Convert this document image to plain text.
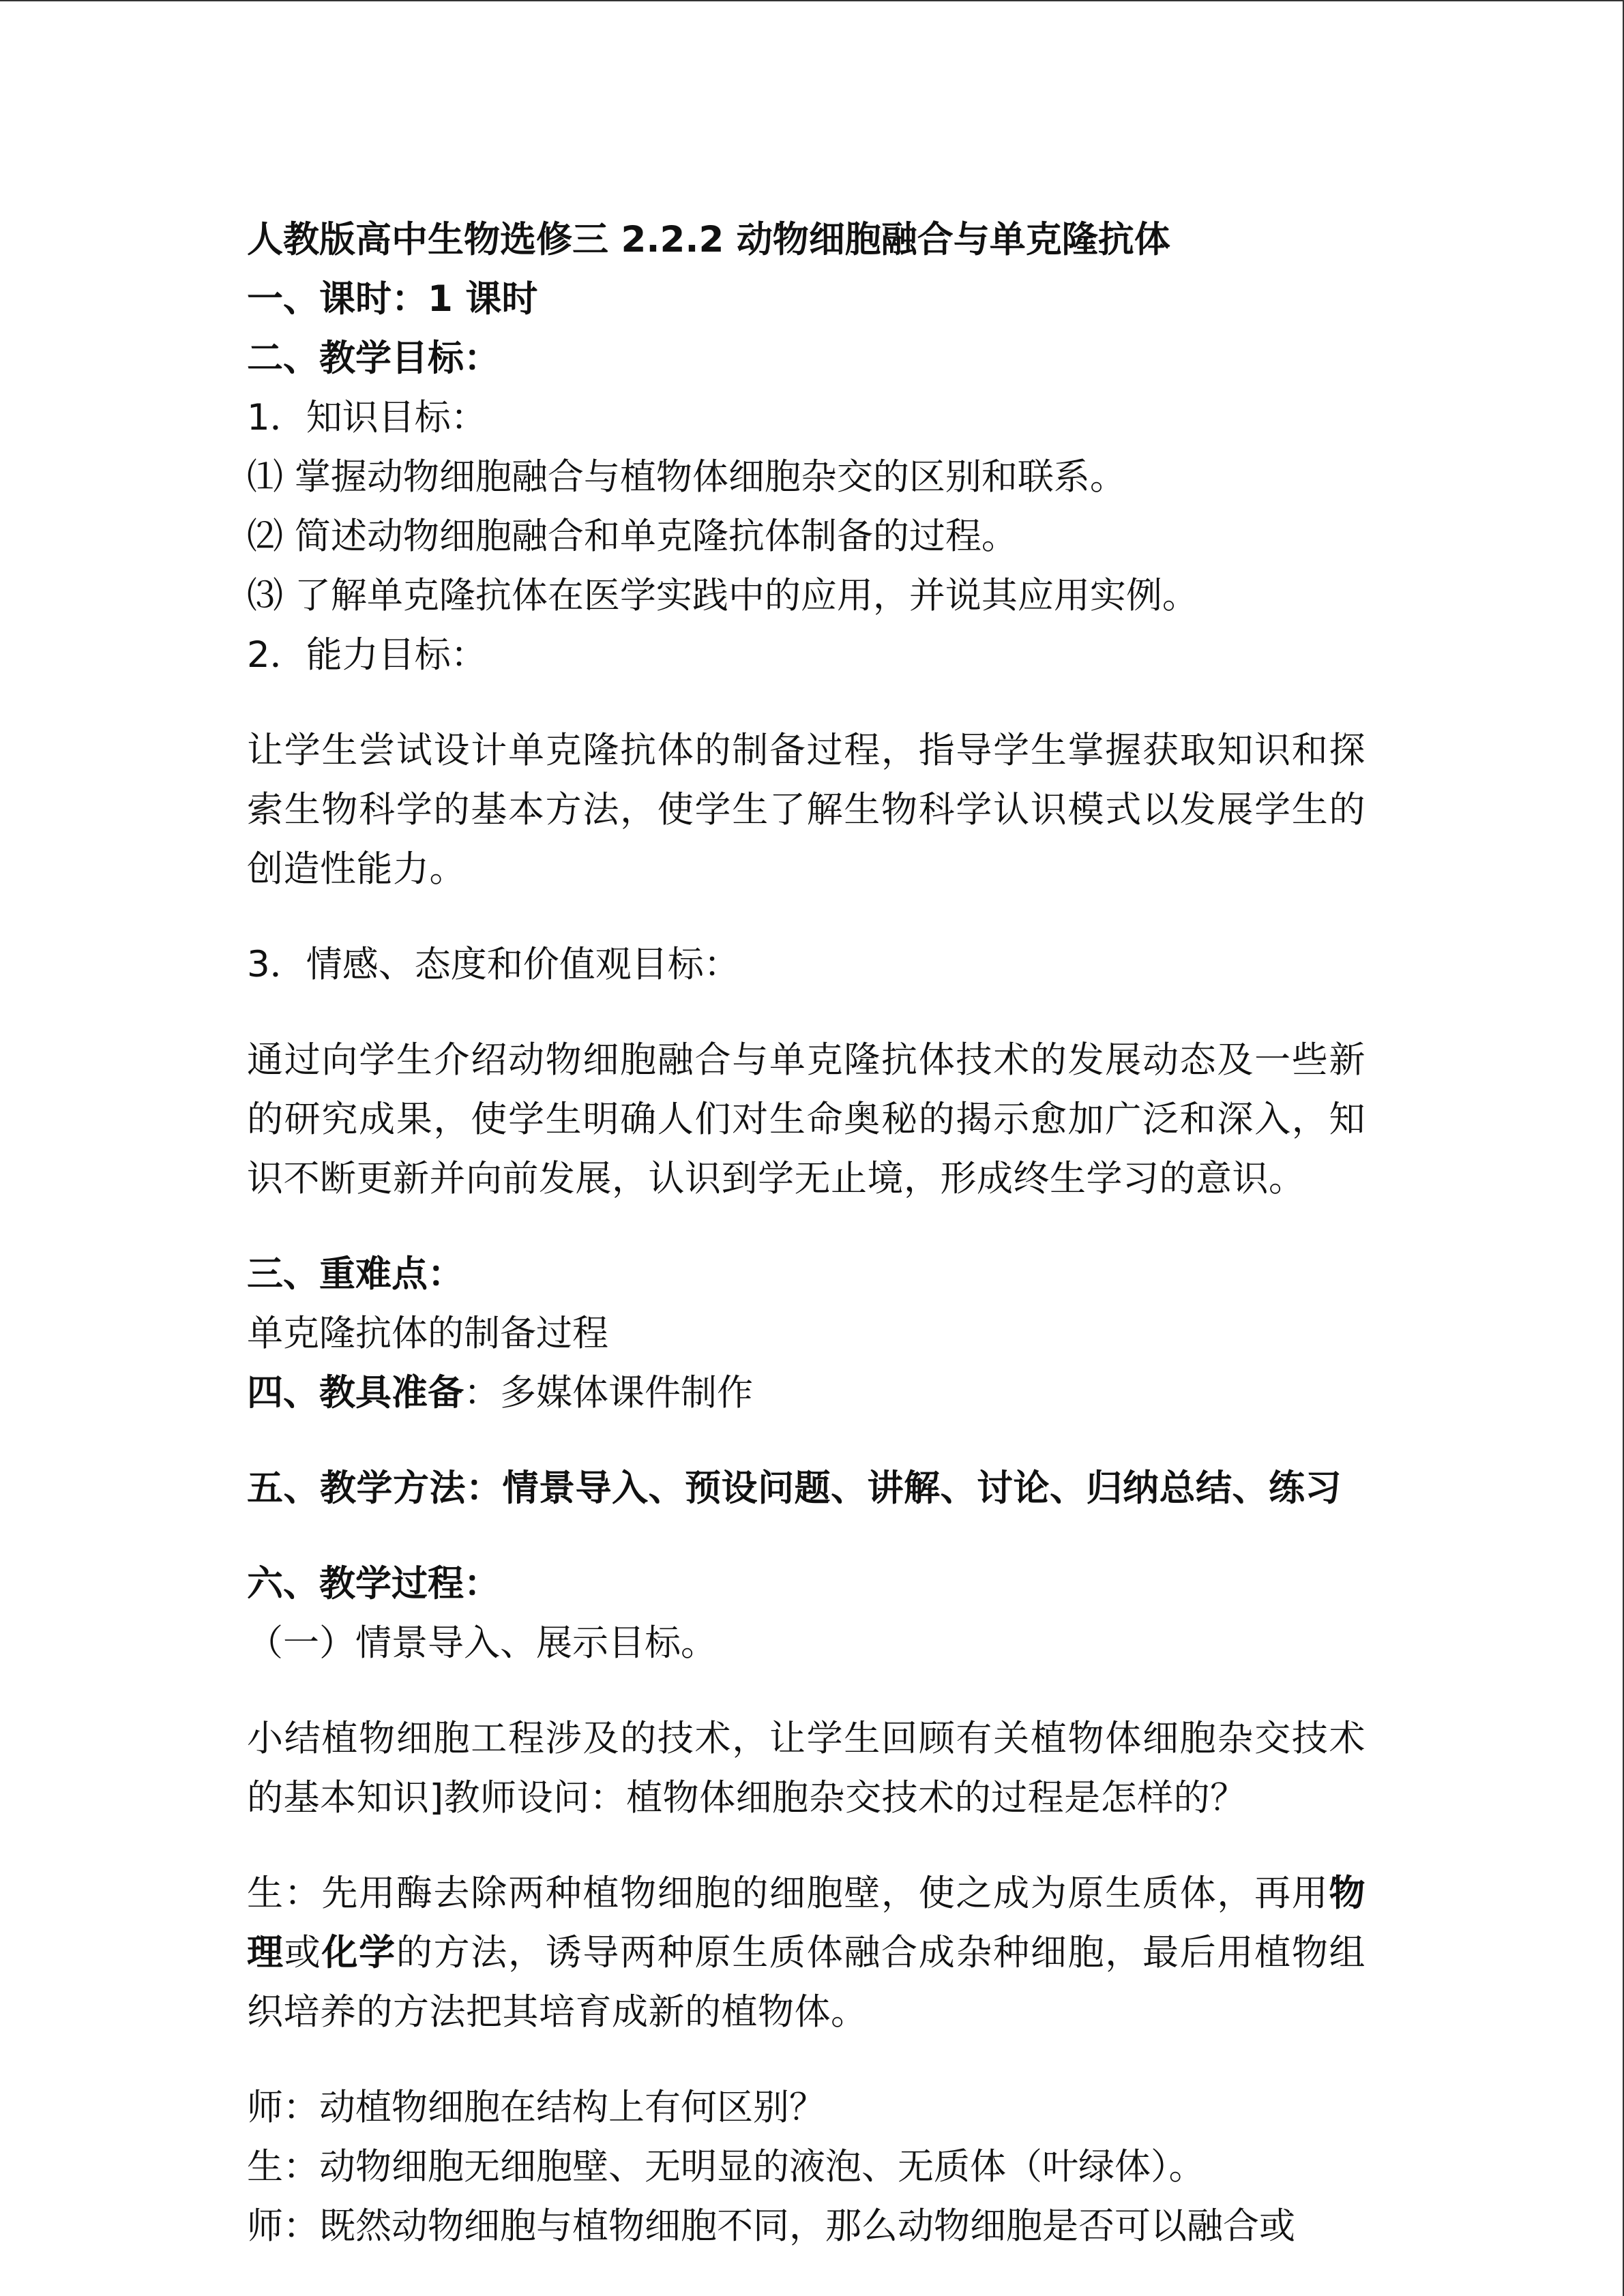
人教版高中生物选修三 2.2.2 动物细胞融合与单克隆抗体

一、课时：1 课时

二、教学目标：

1．知识目标：

⑴ 掌握动物细胞融合与植物体细胞杂交的区别和联系。

⑵ 简述动物细胞融合和单克隆抗体制备的过程。

⑶ 了解单克隆抗体在医学实践中的应用，并说其应用实例。

2．能力目标：

让学生尝试设计单克隆抗体的制备过程，指导学生掌握获取知识和探索生物科学的基本方法，使学生了解生物科学认识模式以发展学生的创造性能力。

3．情感、态度和价值观目标：

通过向学生介绍动物细胞融合与单克隆抗体技术的发展动态及一些新的研究成果，使学生明确人们对生命奥秘的揭示愈加广泛和深入，知识不断更新并向前发展，认识到学无止境，形成终生学习的意识。

三、重难点：

单克隆抗体的制备过程

四、教具准备：多媒体课件制作

五、教学方法：情景导入、预设问题、讲解、讨论、归纳总结、练习

六、教学过程：

（一）情景导入、展示目标。

小结植物细胞工程涉及的技术，让学生回顾有关植物体细胞杂交技术的基本知识]教师设问：植物体细胞杂交技术的过程是怎样的？

生：先用酶去除两种植物细胞的细胞壁，使之成为原生质体，再用物理或化学的方法，诱导两种原生质体融合成杂种细胞，最后用植物组织培养的方法把其培育成新的植物体。

师：动植物细胞在结构上有何区别？

生：动物细胞无细胞壁、无明显的液泡、无质体（叶绿体）。

师：既然动物细胞与植物细胞不同，那么动物细胞是否可以融合或
